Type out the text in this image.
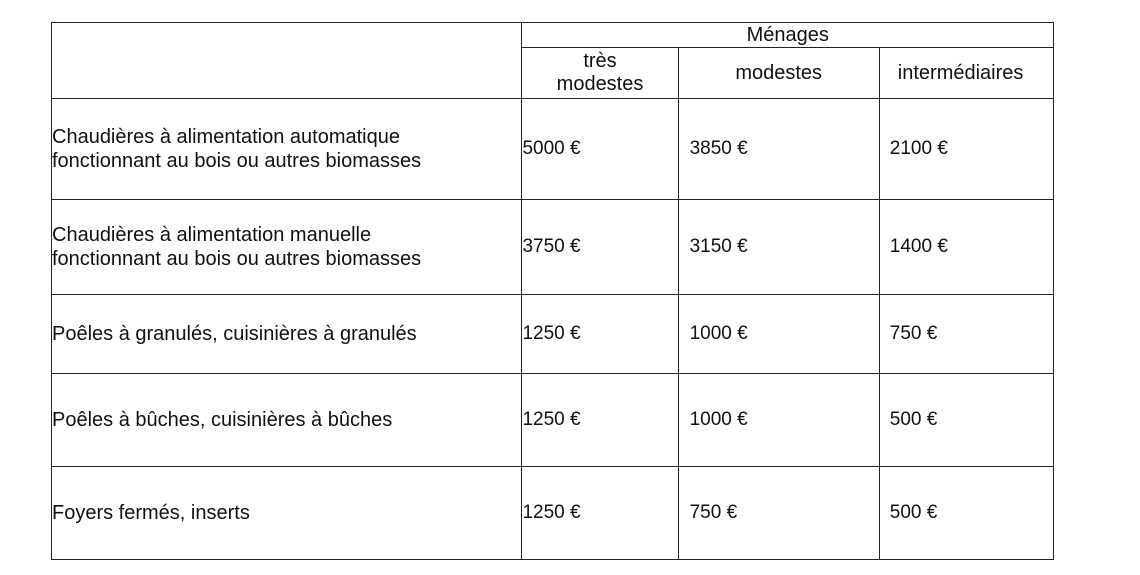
	Ménages		

	très
modestes	modestes	intermédiaires

Chaudières à alimentation automatique
fonctionnant au bois ou autres biomasses	5000 €	3850 €	2100 €

Chaudières à alimentation manuelle
fonctionnant au bois ou autres biomasses	3750 €	3150 €	1400 €
Poêles à granulés, cuisinières à granulés	1250 €	1000 €	750 €
Poêles à bûches, cuisinières à bûches	1250 €	1000 €	500 €
Foyers fermés, inserts	1250 €	750 €	500 €
